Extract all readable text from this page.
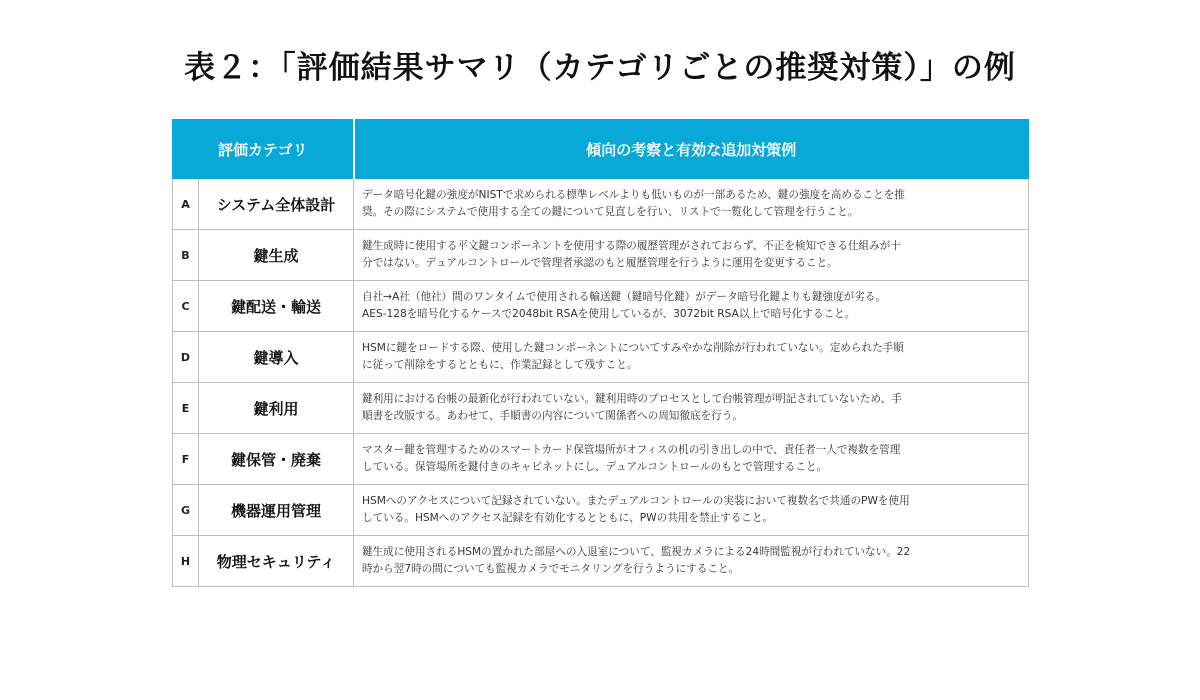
表２：「評価結果サマリ（カテゴリごとの推奨対策）」の例
評価カテゴリ		傾向の考察と有効な追加対策例
A	システム全体設計	データ暗号化鍵の強度がNISTで求められる標準レベルよりも低いものが一部あるため、鍵の強度を高めることを推
奨。その際にシステムで使用する全ての鍵について見直しを行い、リストで一覧化して管理を行うこと。

B	鍵生成	鍵生成時に使用する平文鍵コンポーネントを使用する際の履歴管理がされておらず、不正を検知できる仕組みが十
分ではない。デュアルコントロールで管理者承認のもと履歴管理を行うように運用を変更すること。

C	鍵配送・輸送	自社→A社（他社）間のワンタイムで使用される輸送鍵（鍵暗号化鍵）がデータ暗号化鍵よりも鍵強度が劣る。
AES-128を暗号化するケースで2048bit RSAを使用しているが、3072bit RSA以上で暗号化すること。

D	鍵導入	HSMに鍵をロードする際、使用した鍵コンポーネントについてすみやかな削除が行われていない。定められた手順
に従って削除をするとともに、作業記録として残すこと。

E	鍵利用	鍵利用における台帳の最新化が行われていない。鍵利用時のプロセスとして台帳管理が明記されていないため、手
順書を改版する。あわせて、手順書の内容について関係者への周知徹底を行う。

F	鍵保管・廃棄	マスター鍵を管理するためのスマートカード保管場所がオフィスの机の引き出しの中で、責任者一人で複数を管理
している。保管場所を鍵付きのキャビネットにし、デュアルコントロールのもとで管理すること。

G	機器運用管理	HSMへのアクセスについて記録されていない。またデュアルコントロールの実装において複数名で共通のPWを使用
している。HSMへのアクセス記録を有効化するとともに、PWの共用を禁止すること。

H	物理セキュリティ	鍵生成に使用されるHSMの置かれた部屋への入退室について、監視カメラによる24時間監視が行われていない。22
時から翌7時の間についても監視カメラでモニタリングを行うようにすること。
